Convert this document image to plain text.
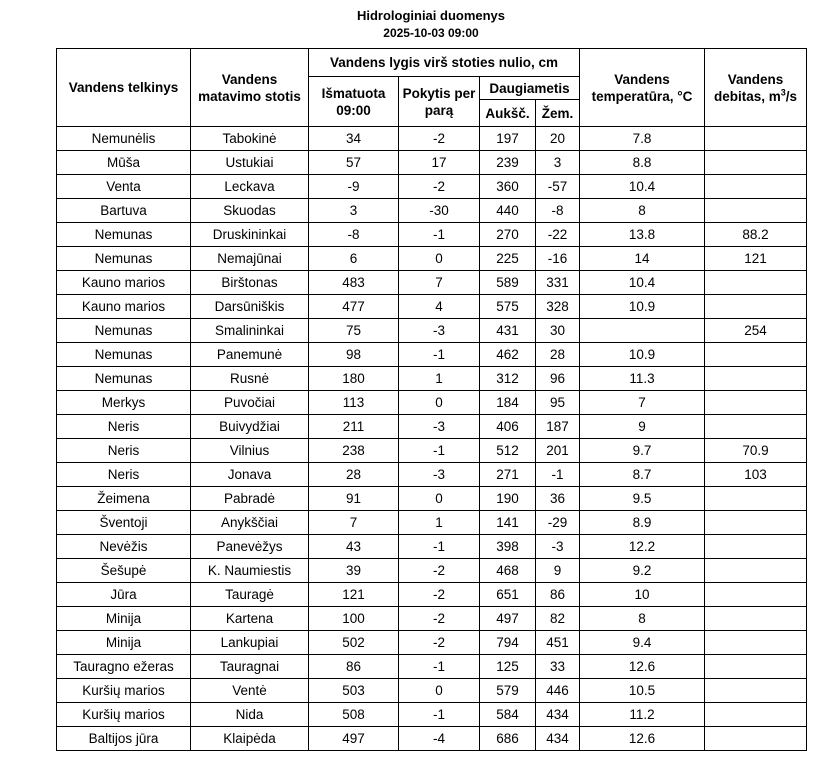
Hidrologiniai duomenys
2025-10-03 09:00
Vandens telkinys	Vandens matavimo stotis	Vandens lygis virš stoties nulio, cm				Vandens temperatūra, °C	Vandens debitas, $m^3/s$
		Išmatuota 09:00	Pokytis per parą	Daugiametis			
				Aukšč.	Žem.		
Nemunėlis	Tabokinė	34	-2	197	20	7.8	
Mūša	Ustukiai	57	17	239	3	8.8	
Venta	Leckava	-9	-2	360	-57	10.4	
Bartuva	Skuodas	3	-30	440	-8	8	
Nemunas	Druskininkai	-8	-1	270	-22	13.8	88.2
Nemunas	Nemajūnai	6	0	225	-16	14	121
Kauno marios	Birštonas	483	7	589	331	10.4	
Kauno marios	Darsūniškis	477	4	575	328	10.9	
Nemunas	Smalininkai	75	-3	431	30		254
Nemunas	Panemunė	98	-1	462	28	10.9	
Nemunas	Rusnė	180	1	312	96	11.3	
Merkys	Puvočiai	113	0	184	95	7	
Neris	Buivydžiai	211	-3	406	187	9	
Neris	Vilnius	238	-1	512	201	9.7	70.9
Neris	Jonava	28	-3	271	-1	8.7	103
Žeimena	Pabradė	91	0	190	36	9.5	
Šventoji	Anykščiai	7	1	141	-29	8.9	
Nevėžis	Panevėžys	43	-1	398	-3	12.2	
Šešupė	K. Naumiestis	39	-2	468	9	9.2	
Jūra	Tauragė	121	-2	651	86	10	
Minija	Kartena	100	-2	497	82	8	
Minija	Lankupiai	502	-2	794	451	9.4	
Tauragno ežeras	Tauragnai	86	-1	125	33	12.6	
Kuršių marios	Ventė	503	0	579	446	10.5	
Kuršių marios	Nida	508	-1	584	434	11.2	
Baltijos jūra	Klaipėda	497	-4	686	434	12.6	
